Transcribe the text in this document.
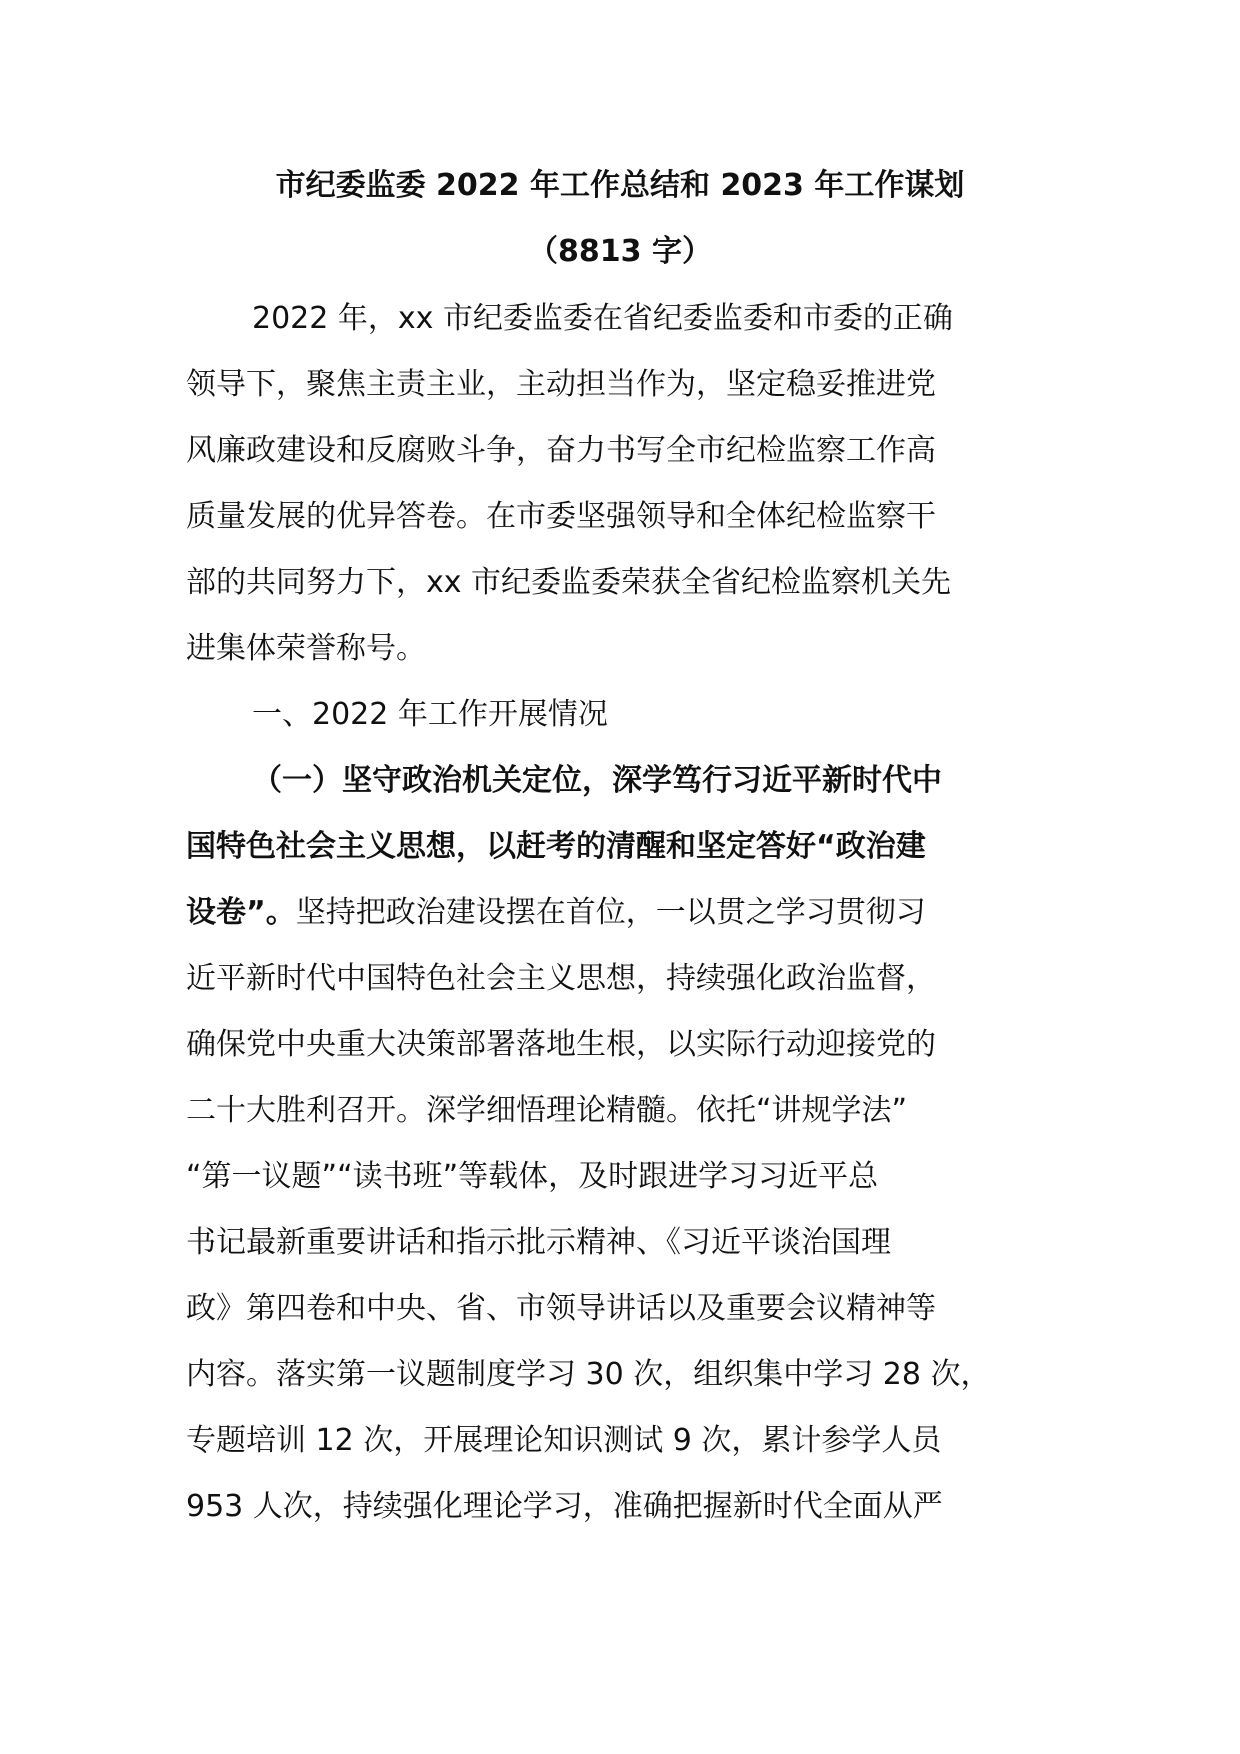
市纪委监委 2022 年工作总结和 2023 年工作谋划
（8813 字）
2022 年，xx 市纪委监委在省纪委监委和市委的正确
领导下，聚焦主责主业，主动担当作为，坚定稳妥推进党
风廉政建设和反腐败斗争，奋力书写全市纪检监察工作高
质量发展的优异答卷。在市委坚强领导和全体纪检监察干
部的共同努力下，xx 市纪委监委荣获全省纪检监察机关先
进集体荣誉称号。
一、2022 年工作开展情况
（一）坚守政治机关定位，深学笃行习近平新时代中
国特色社会主义思想，以赶考的清醒和坚定答好“政治建
设卷”。坚持把政治建设摆在首位，一以贯之学习贯彻习
近平新时代中国特色社会主义思想，持续强化政治监督，
确保党中央重大决策部署落地生根，以实际行动迎接党的
二十大胜利召开。深学细悟理论精髓。依托“讲规学法”
“第一议题”“读书班”等载体，及时跟进学习习近平总
书记最新重要讲话和指示批示精神、《习近平谈治国理
政》第四卷和中央、省、市领导讲话以及重要会议精神等
内容。落实第一议题制度学习 30 次，组织集中学习 28 次，
专题培训 12 次，开展理论知识测试 9 次，累计参学人员
953 人次，持续强化理论学习，准确把握新时代全面从严
